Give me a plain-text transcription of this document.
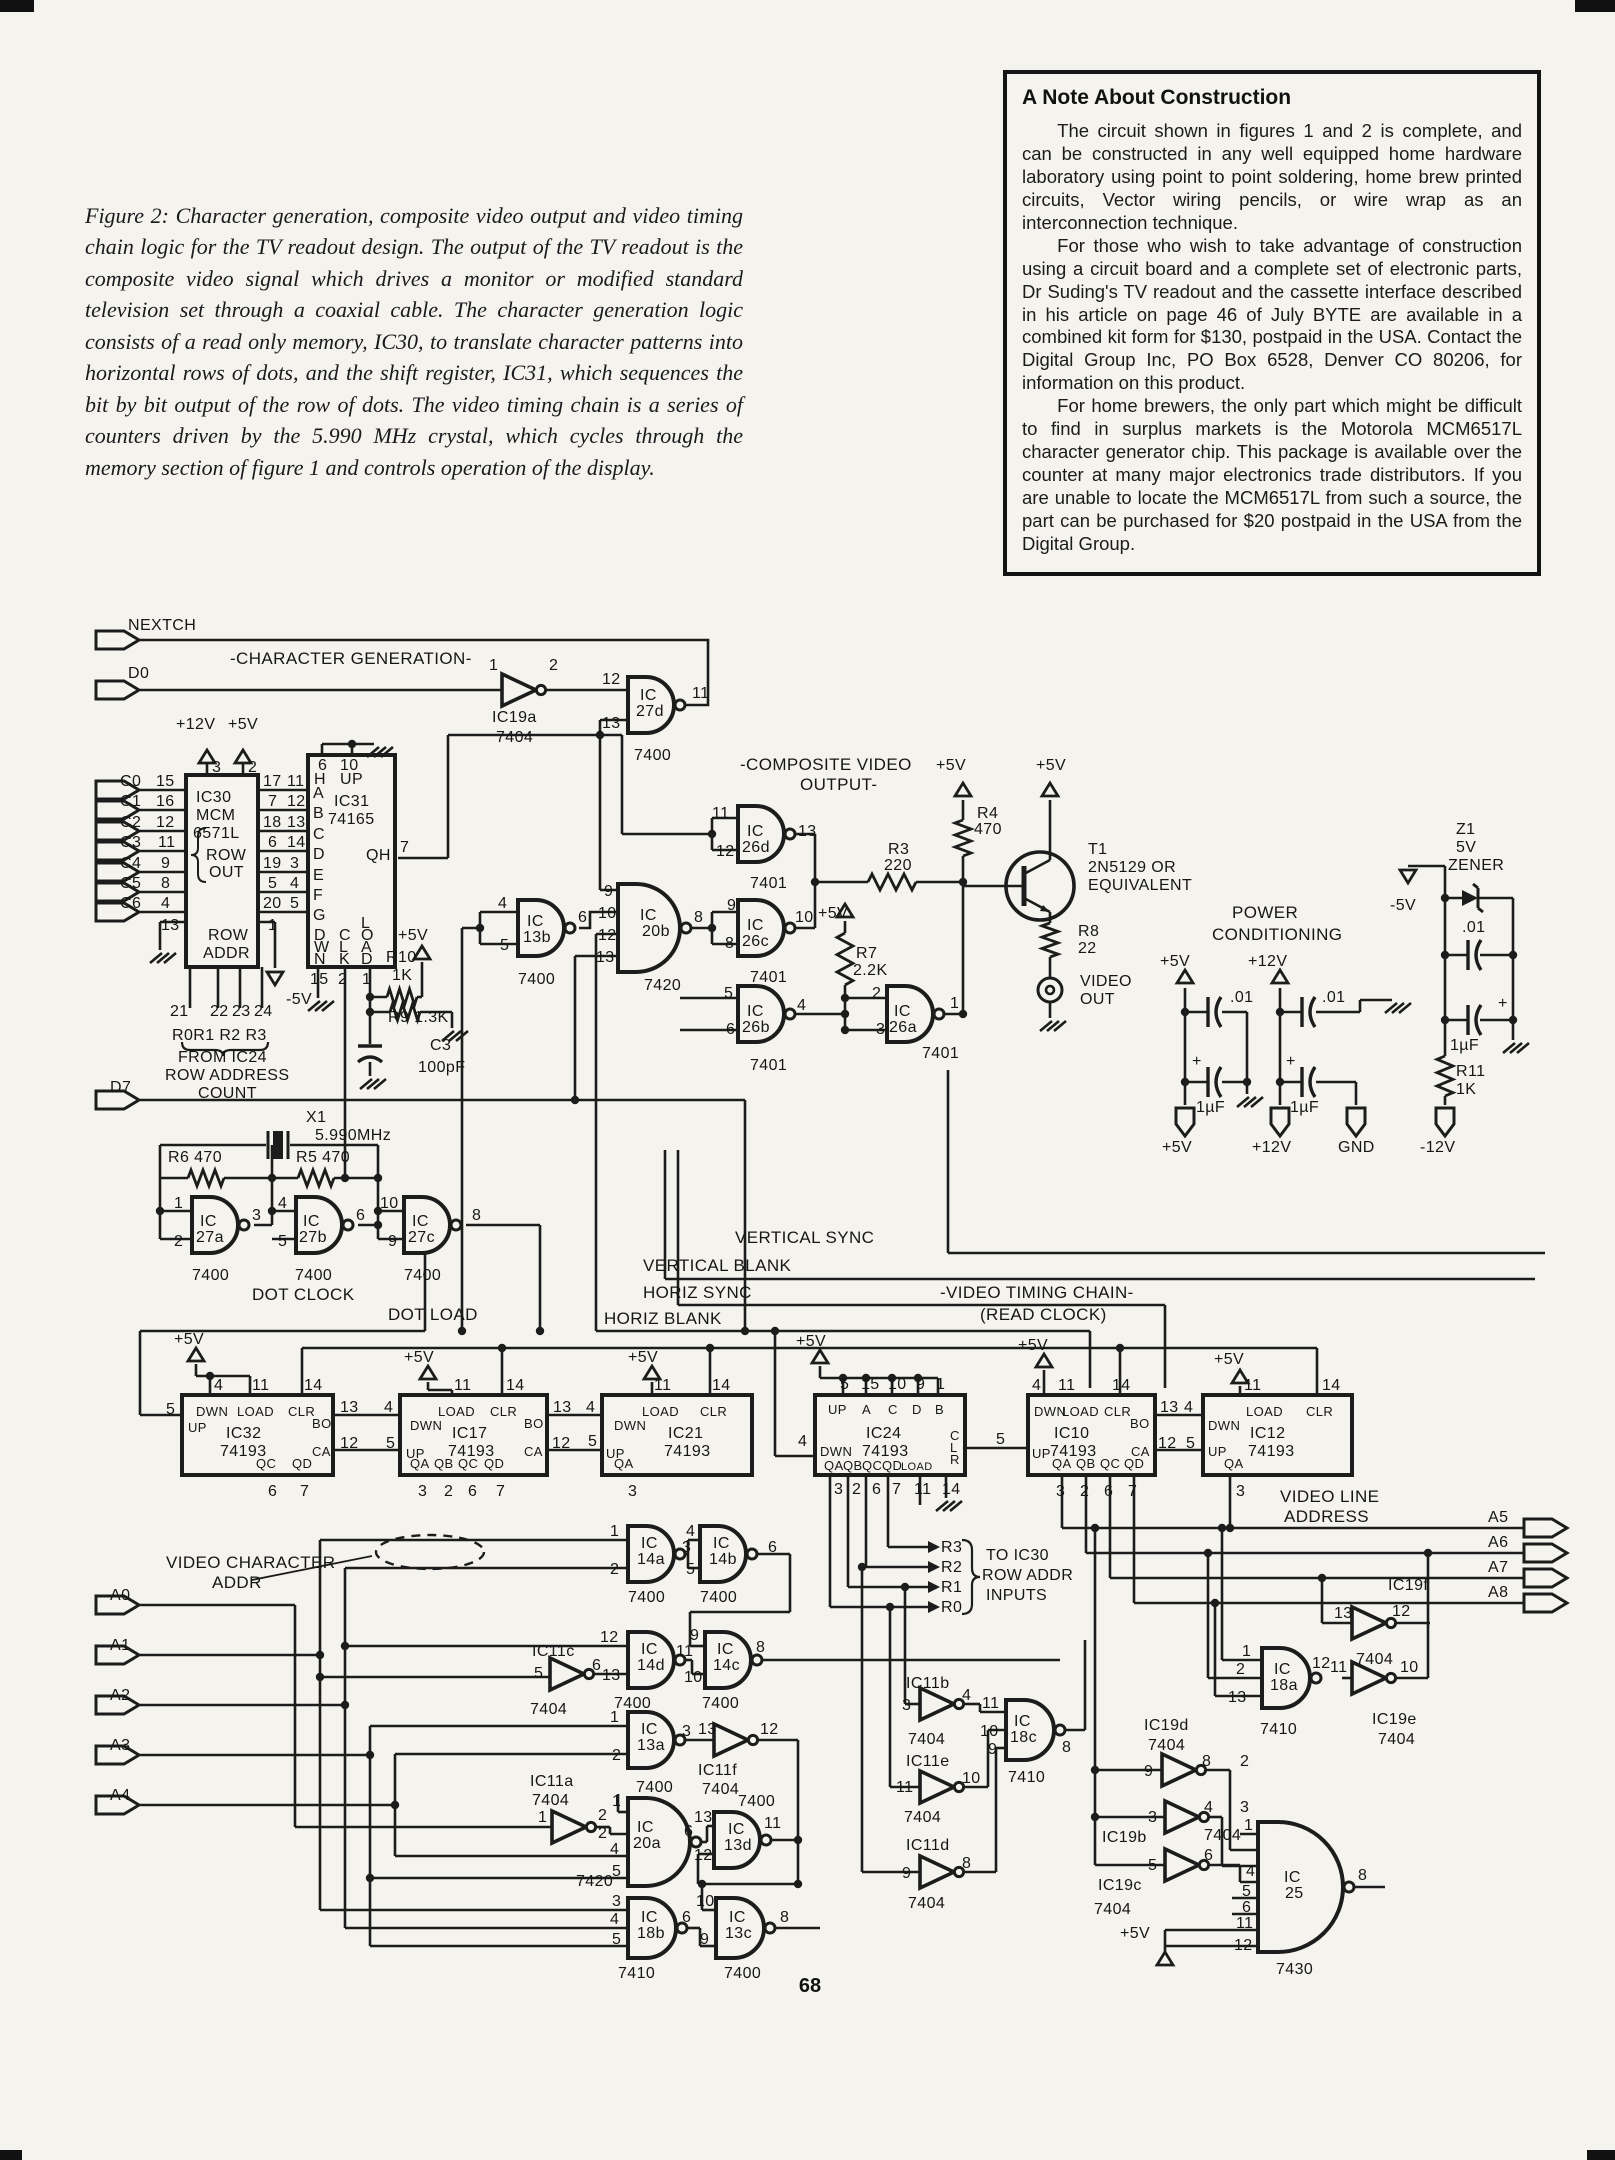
Figure 2: Character generation, composite video output and video timing chain logic for the TV readout design. The output of the TV readout is the composite video signal which drives a monitor or modified standard television set through a coaxial cable. The character generation logic consists of a read only memory, IC30, to translate character patterns into horizontal rows of dots, and the shift register, IC31, which sequences the bit by bit output of the row of dots. The video timing chain is a series of counters driven by the 5.990 MHz crystal, which cycles through the memory section of figure 1 and controls operation of the display.
A Note About Construction

The circuit shown in figures 1 and 2 is complete, and can be constructed in any well equipped home hardware laboratory using point to point soldering, home brew printed circuits, Vector wiring pencils, or wire wrap as an interconnection technique.

For those who wish to take advantage of construction using a circuit board and a complete set of electronic parts, Dr Suding's TV readout and the cassette interface described in his article on page 46 of July BYTE are available in a combined kit form for $130, postpaid in the USA. Contact the Digital Group Inc, PO Box 6528, Denver CO 80206, for information on this product.

For home brewers, the only part which might be difficult to find in surplus markets is the Motorola MCM6517L character generator chip. This package is available over the counter at many major electronics trade distributors. If you are unable to locate the MCM6517L from such a source, the part can be purchased for $20 postpaid in the USA from the Digital Group.

NEXTCH
D0
-CHARACTER GENERATION- 1	2
IC19a
7404
12
13
IC
27d
11
7400
+12V +5V
3 2
IC30
MCM
6571L
ROW
OUT
ROW
ADDR
C0 15
C1 16
C2 12
C3 11
C4 9
C5 8
C6 4
13
17 11
7 12
18 13
6 14
19 3
5 4
20 5
1
21 22 23 24
-5V
R0R1 R2 R3
FROM IC24
ROW ADDRESS
COUNT
D7
6 10
H UP
IC31
74165
A
B
C
D
E
F
G
QH 7
D
W
N
C
L
K
L
O
A
D
15 2 1
R10
1K
+5V
R9 1.3K
C3
100pF
-COMPOSITE VIDEO
OUTPUT-
11
12
13
IC
26d
7401
4
5
6
IC
13b
7400
9
10
12
13
8
IC
20b
7420
9
8
10
IC
26c
7401
R3
220
R4
470
+5V	+5V
T1
2N5129 OR
EQUIVALENT
R8
22
VIDEO
OUT
R7
2.2K
+5V
5
6
4
IC
26b
7401
2
3
1
IC
26a
7401
POWER
CONDITIONING
+5V	+12V
.01	.01
+	+
1µF	1µF
+5V	+12V	GND	-12V
Z1
5V
ZENER
-5V
.01
+
1µF
R11
1K
X1
5.990MHz
R6 470	R5 470
1
2
3
IC
27a
7400
4
5
6
IC
27b
7400
10
9
8
IC
27c
7400
DOT CLOCK
DOT LOAD
VERTICAL SYNC
VERTICAL BLANK
HORIZ SYNC
HORIZ BLANK
-VIDEO TIMING CHAIN-
(READ CLOCK)
+5V
+5V	+5V
+5V	+5V
+5V
4 11 14
5 DWN LOAD CLR
UP IC32
74193
BO
CA
QC QD
13
12
6 7
11 14
4
5
LOAD CLR
DWN IC17
74193
UP
BO
CA
QA QB QC QD
13
12
3 2 6 7
11	14
4
5
LOAD CLR
DWN IC21
74193
UP
QA
3
4
5 15 10 9 1
UP A C D B
IC24
74193
DWN
C
L
R
QA QB QC QD
LOAD
3 2 6 7 11 14
5
4 11 14
DWN
LOAD CLR
IC10
74193
UP
BO
CA
QA QB QC QD
13
12
3 2 6 7
4
5
11	14
LOAD CLR
DWN IC12
74193
UP
QA
3 VIDEO LINE
ADDRESS	A5
A6
A7
A8
VIDEO CHARACTER
ADDR
A0
A1
A2
A3
A4
1
2
3
IC
14a
7400
4
5
6
IC
14b
7400
IC11c
5	6
7404
12
13
11
IC
14d
7400
9
10
8
IC
14c
7400
1
2
3
IC
13a
7400
13	12
IC11f
7404
IC11a
7404
1	2
1
2
4
5
IC
20a
6
7420
13
12
IC
13d
11
7400
3
4
5
IC
18b
6
7410
10
9
IC
13c
8
7400
R3
R2
R1
R0
TO IC30
ROW ADDR
INPUTS
IC11b
3
4
7404
11
10
9
IC
18c
8
7410
IC11e
11
10
7404
IC11d
9
8
7404
IC19d
7404
9
8 2
3
4
IC19b	7404
3
5
6
IC19c
7404
4
1
5
6
11
12
IC
25
8
7430
+5V
1
2
13
IC
18a
12
7410
11	10
IC19e
7404
IC19f
13 12
7404
68
